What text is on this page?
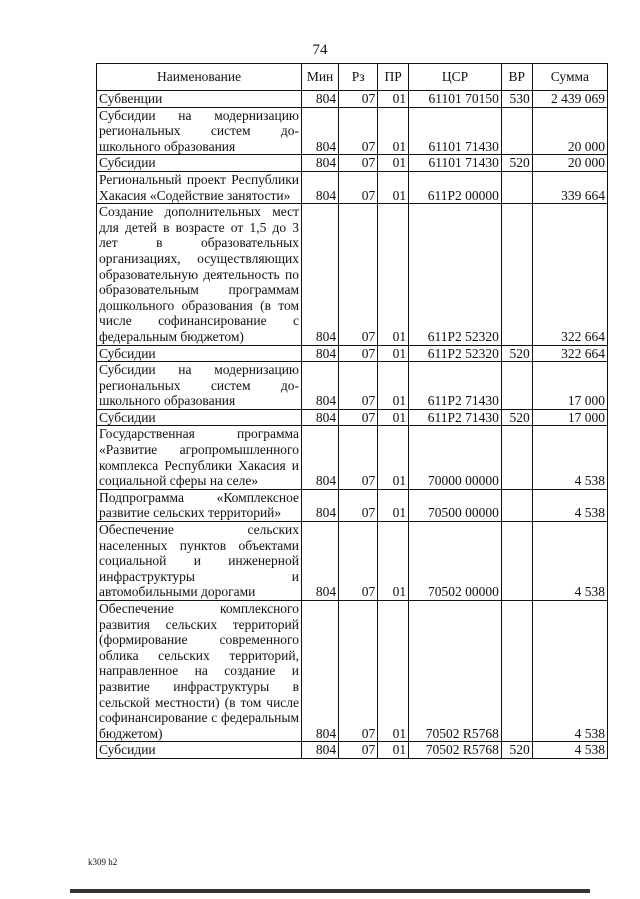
74
Наименование	Мин	Рз	ПР	ЦСР	ВР	Сумма
Субвенции	804	07	01	61101 70150	530	2 439 069
Субсидии на модернизацию региональных систем до-школьного образования	804	07	01	61101 71430		20 000
Субсидии	804	07	01	61101 71430	520	20 000
Региональный проект Республики Хакасия «Содействие занятости»	804	07	01	611P2 00000		339 664
Создание дополнительных мест для детей в возрасте от 1,5 до 3 лет в образовательных организациях, осуществляющих образовательную деятельность по образовательным программам дошкольного образования (в том числе софинансирование с федеральным бюджетом)	804	07	01	611P2 52320		322 664
Субсидии	804	07	01	611P2 52320	520	322 664
Субсидии на модернизацию региональных систем до-школьного образования	804	07	01	611P2 71430		17 000
Субсидии	804	07	01	611P2 71430	520	17 000
Государственная программа «Развитие агропромышленного комплекса Республики Хакасия и социальной сферы на селе»	804	07	01	70000 00000		4 538
Подпрограмма «Комплексное развитие сельских территорий»	804	07	01	70500 00000		4 538
Обеспечение сельских населенных пунктов объектами социальной и инженерной инфраструктуры и автомобильными дорогами	804	07	01	70502 00000		4 538
Обеспечение комплексного развития сельских территорий (формирование современного облика сельских территорий, направленное на создание и развитие инфраструктуры в сельской местности) (в том числе софинансирование с федеральным бюджетом)	804	07	01	70502 R5768		4 538
Субсидии	804	07	01	70502 R5768	520	4 538
k309 h2
